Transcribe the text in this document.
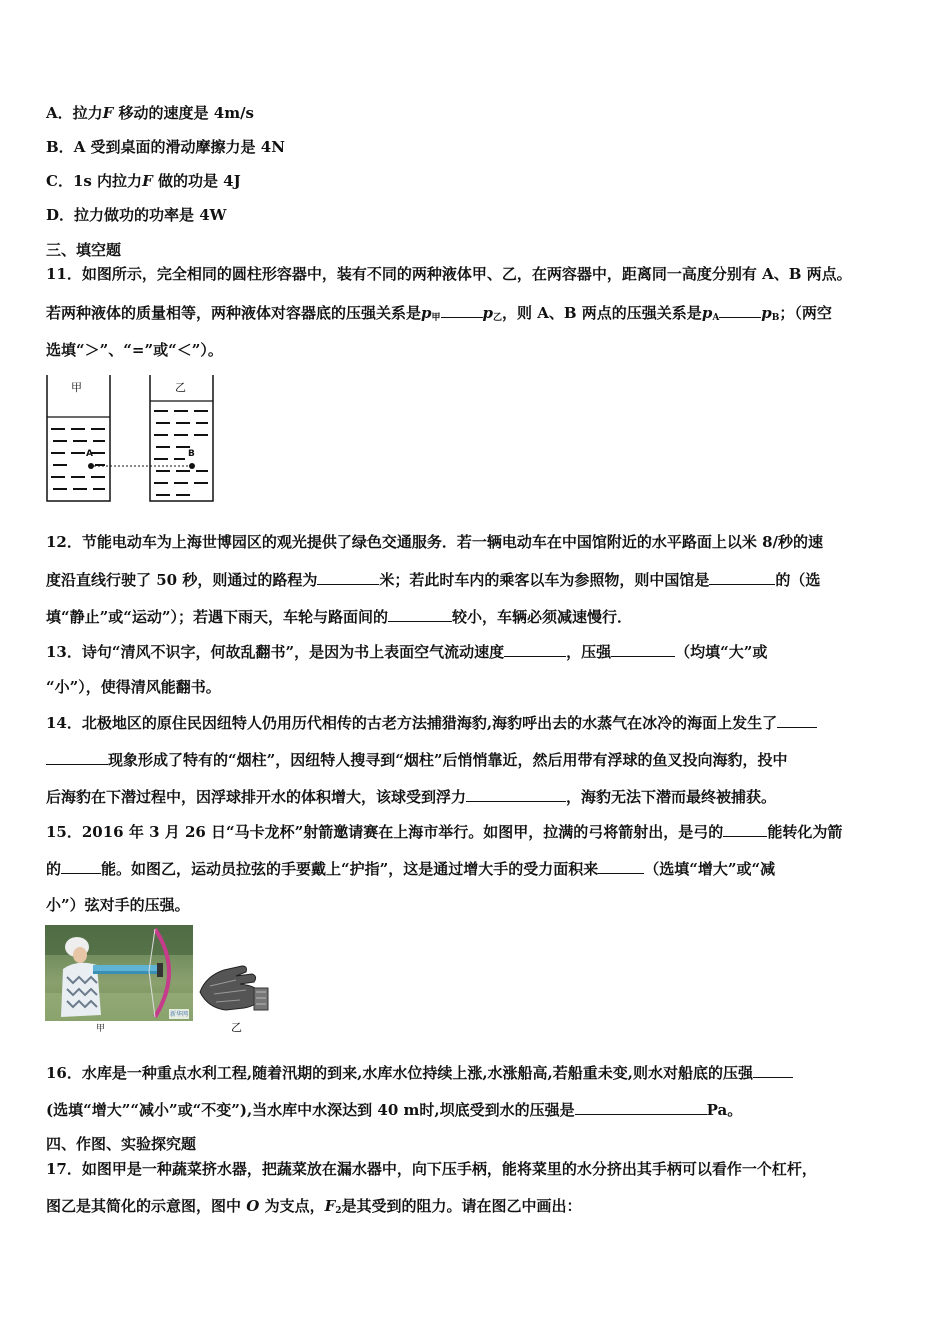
A．拉力F 移动的速度是 4m/s
B．A 受到桌面的滑动摩擦力是 4N
C．1s 内拉力F 做的功是 4J
D．拉力做功的功率是 4W
三、填空题
11．如图所示，完全相同的圆柱形容器中，装有不同的两种液体甲、乙，在两容器中，距离同一高度分别有 A、B 两点。
若两种液体的质量相等，两种液体对容器底的压强关系是$p_甲$	$p_乙$，则 A、B 两点的压强关系是$p_A$	$p_B$；（两空
选填“＞”、“=”或“＜”）。
甲	乙
A	B
12．节能电动车为上海世博园区的观光提供了绿色交通服务．若一辆电动车在中国馆附近的水平路面上以米 8/秒的速
度沿直线行驶了 50 秒，则通过的路程为	米；若此时车内的乘客以车为参照物，则中国馆是	的（选
填“静止”或“运动”）；若遇下雨天，车轮与路面间的	较小，车辆必须减速慢行．
13．诗句“清风不识字，何故乱翻书”，是因为书上表面空气流动速度	，压强	（均填“大”或
“小”），使得清风能翻书。
14．北极地区的原住民因纽特人仍用历代相传的古老方法捕猎海豹,海豹呼出去的水蒸气在冰冷的海面上发生了
现象形成了特有的“烟柱”，因纽特人搜寻到“烟柱”后悄悄靠近，然后用带有浮球的鱼叉投向海豹，投中
后海豹在下潜过程中，因浮球排开水的体积增大，该球受到浮力	，海豹无法下潜而最终被捕获。
15．2016 年 3 月 26 日“马卡龙杯”射箭邀请赛在上海市举行。如图甲，拉满的弓将箭射出，是弓的	能转化为箭
的	能。如图乙，运动员拉弦的手要戴上“护指”，这是通过增大手的受力面积来	（选填“增大”或“减
小”）弦对手的压强。
新华网
甲	乙
16．水库是一种重点水利工程,随着汛期的到来,水库水位持续上涨,水涨船高,若船重未变,则水对船底的压强
(选填“增大”“减小”或“不变”),当水库中水深达到 40 m时,坝底受到水的压强是	Pa。
四、作图、实验探究题
17．如图甲是一种蔬菜挤水器，把蔬菜放在漏水器中，向下压手柄，能将菜里的水分挤出其手柄可以看作一个杠杆，
图乙是其简化的示意图，图中 O 为支点，$F_2$是其受到的阻力。请在图乙中画出：
